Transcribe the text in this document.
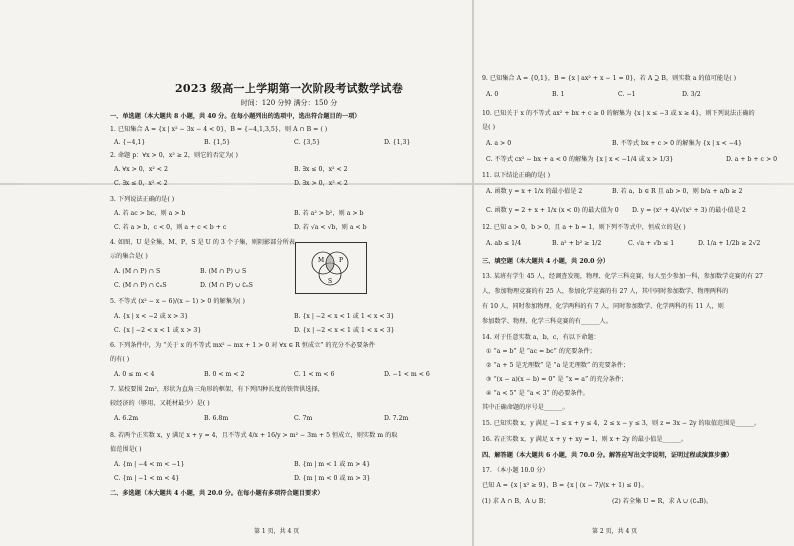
2023 级高一上学期第一次阶段考试数学试卷
时间：120 分钟 满分：150 分
一、单选题（本大题共 8 小题，共 40 分。在每小题列出的选项中，选出符合题目的一项）
1. 已知集合 A = {x | x² − 3x − 4 < 0}，B = {−4,1,3,5}，则 A ∩ B = ( )
A. {−4,1}	B. {1,5}	C. {3,5}	D. {1,3}
2. 命题 p：∀x > 0，x² ≥ 2，则它的否定为( )
A. ∀x > 0，x² < 2	B. ∃x ≤ 0，x² < 2
C. ∃x ≤ 0，x² < 2	D. ∃x > 0，x² < 2
3. 下列说法正确的是( )
A. 若 ac > bc，则 a > b	B. 若 a² > b²，则 a > b
C. 若 a > b，c < 0，则 a + c < b + c	D. 若 √a < √b，则 a < b
4. 如图，U 是全集，M、P、S 是 U 的 3 个子集，则阴影部分所表
示的集合是( )
A. (M ∩ P) ∩ S	B. (M ∩ P) ∪ S
C. (M ∩ P) ∩ ∁ᵤS	D. (M ∩ P) ∪ ∁ᵤS
M P
S
5. 不等式 (x² − x − 6)/(x − 1) > 0 的解集为( )
A. {x | x < −2 或 x > 3}	B. {x | −2 < x < 1 或 1 < x < 3}
C. {x | −2 < x < 1 或 x > 3}	D. {x | −2 < x < 1 或 1 < x < 3}
6. 下列条件中，为 “关于 x 的不等式 mx² − mx + 1 > 0 对 ∀x ∈ R 恒成立” 的充分不必要条件
的有( )
A. 0 ≤ m < 4	B. 0 < m < 2	C. 1 < m < 6	D. −1 < m < 6
7. 某校要围 2m²，形状为直角三角形的框架，有下列四种长度的铁管供选择，
较经济的（够用，又耗材最少）是( )
A. 6.2m	B. 6.8m	C. 7m	D. 7.2m
8. 若两个正实数 x，y 满足 x + y = 4，且不等式 4/x + 16/y > m² − 3m + 5 恒成立，则实数 m 的取
值范围是( )
A. {m | −4 < m < −1}	B. {m | m < 1 或 m > 4}
C. {m | −1 < m < 4}	D. {m | m < 0 或 m > 3}
二、多选题（本大题共 4 小题，共 20.0 分。在每小题有多项符合题目要求）
第 1 页，共 4 页
9. 已知集合 A = {0,1}，B = {x | ax² + x − 1 = 0}，若 A ⊇ B，则实数 a 的值可能是( )
A. 0	B. 1	C. −1	D. 3/2
10. 已知关于 x 的不等式 ax² + bx + c ≥ 0 的解集为 {x | x ≤ −3 或 x ≥ 4}，则下列说法正确的
是( )
A. a > 0	B. 不等式 bx + c > 0 的解集为 {x | x < −4}
C. 不等式 cx² − bx + a < 0 的解集为 {x | x < −1/4 或 x > 1/3}	D. a + b + c > 0
11. 以下结论正确的是( )
A. 函数 y = x + 1/x 的最小值是 2	B. 若 a，b ∈ R 且 ab > 0，则 b/a + a/b ≥ 2
C. 函数 y = 2 + x + 1/x (x < 0) 的最大值为 0 D. y = (x² + 4)/√(x² + 3) 的最小值是 2
12. 已知 a > 0，b > 0，且 a + b = 1，则下列不等式中，恒成立的是( )
A. ab ≤ 1/4	B. a² + b² ≥ 1/2	C. √a + √b ≤ 1	D. 1/a + 1/2b ≥ 2√2
三、填空题（本大题共 4 小题，共 20.0 分）
13. 某班有学生 45 人，经调查发现，物理、化学三科竞赛，每人至少参加一科，参加数学竞赛的有 27
人，参加物理竞赛的有 25 人，参加化学竞赛的有 27 人，其中同时参加数学、物理两科的
有 10 人，同时参加物理、化学两科的有 7 人，同时参加数学、化学两科的有 11 人，则
参加数学、物理、化学三科竞赛的有______人。
14. 对于任意实数 a，b，c，有以下命题：
① “a = b” 是 “ac = bc” 的充要条件；
② “a + 5 是无理数” 是 “a 是无理数” 的充要条件；
③ “(x − a)(x − b) = 0” 是 “x = a” 的充分条件；
④ “a < 5” 是 “a < 3” 的必要条件。
其中正确命题的序号是______。
15. 已知实数 x，y 满足 −1 ≤ x + y ≤ 4，2 ≤ x − y ≤ 3，则 z = 3x − 2y 的取值范围是______。
16. 若正实数 x，y 满足 x + y + xy = 1，则 x + 2y 的最小值是______。
四、解答题（本大题共 6 小题，共 70.0 分。解答应写出文字说明，证明过程或演算步骤）
17. （本小题 10.0 分）
已知 A = {x | x² ≥ 9}，B = {x | (x − 7)/(x + 1) ≤ 0}。
(1) 求 A ∩ B，A ∪ B；	(2) 若全集 U = R，求 A ∪ (∁ᵤB)。
第 2 页，共 4 页
